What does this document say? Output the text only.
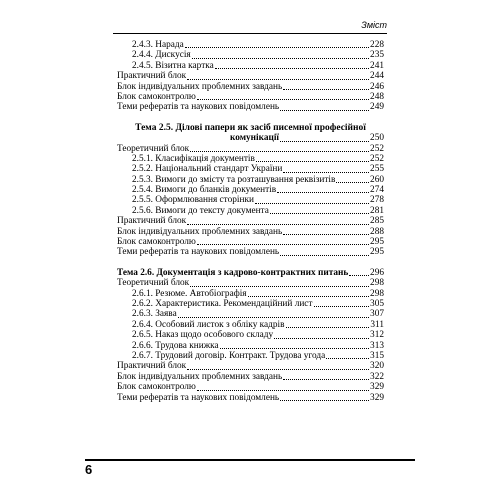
Зміст
2.4.3. Нарада	228
2.4.4. Дискусія	235
2.4.5. Візитна картка	241
Практичний блок	244
Блок індивідуальних проблемних завдань	246
Блок самоконтролю	248
Теми рефератів та наукових повідомлень	249
Тема 2.5. Ділові папери як засіб писемної професійної
комунікації	250
Теоретичний блок	252
2.5.1. Класифікація документів	252
2.5.2. Національний стандарт України	255
2.5.3. Вимоги до змісту та розташування реквізитів	260
2.5.4. Вимоги до бланків документів	274
2.5.5. Оформлювання сторінки	278
2.5.6. Вимоги до тексту документа	281
Практичний блок	285
Блок індивідуальних проблемних завдань	288
Блок самоконтролю	295
Теми рефератів та наукових повідомлень	295
Тема 2.6. Документація з кадрово-контрактних питань 296
Теоретичний блок	298
2.6.1. Резюме. Автобіографія	298
2.6.2. Характеристика. Рекомендаційний лист	305
2.6.3. Заява	307
2.6.4. Особовий листок з обліку кадрів	311
2.6.5. Наказ щодо особового складу	312
2.6.6. Трудова книжка	313
2.6.7. Трудовий договір. Контракт. Трудова угода	315
Практичний блок	320
Блок індивідуальних проблемних завдань	322
Блок самоконтролю	329
Теми рефератів та наукових повідомлень	329
6
